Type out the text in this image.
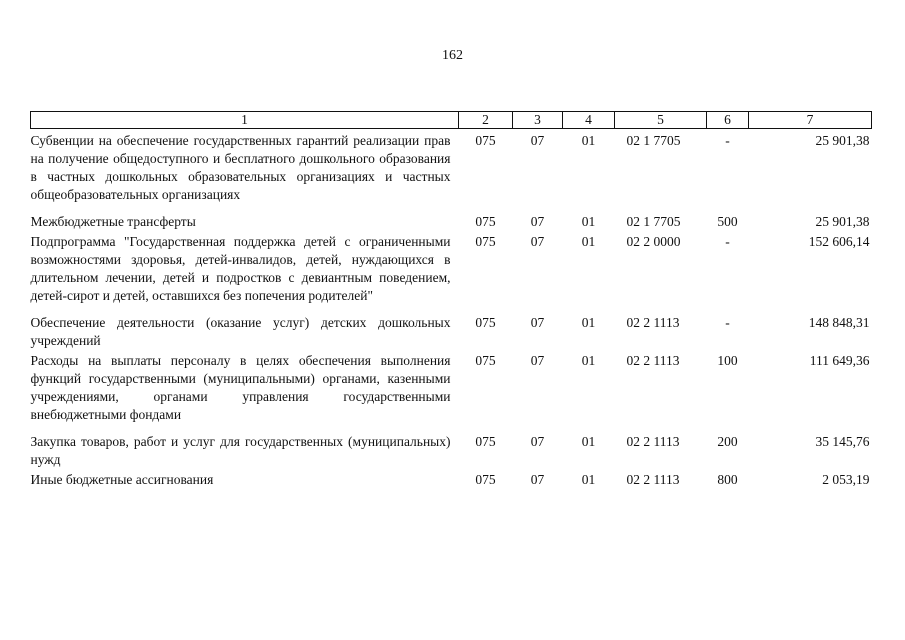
162
1	2	3	4	5	6	7
Субвенции на обеспечение государственных гарантий реализации прав на получение общедоступного и бесплатного дошкольного образования в частных дошкольных образовательных организациях и частных общеобразовательных организациях	075	07	01	02 1 7705	-	25 901,38
Межбюджетные трансферты	075	07	01	02 1 7705	500	25 901,38
Подпрограмма "Государственная поддержка детей с ограниченными возможностями здоровья, детей-инвалидов, детей, нуждающихся в длительном лечении, детей и подростков с девиантным поведением, детей-сирот и детей, оставшихся без попечения родителей"	075	07	01	02 2 0000	-	152 606,14
Обеспечение деятельности (оказание услуг) детских дошкольных учреждений	075	07	01	02 2 1113	-	148 848,31
Расходы на выплаты персоналу в целях обеспечения выполнения функций государственными (муниципальными) органами, казенными учреждениями, органами управления государственными внебюджетными фондами	075	07	01	02 2 1113	100	111 649,36
Закупка товаров, работ и услуг для государственных (муниципальных) нужд	075	07	01	02 2 1113	200	35 145,76
Иные бюджетные ассигнования	075	07	01	02 2 1113	800	2 053,19
